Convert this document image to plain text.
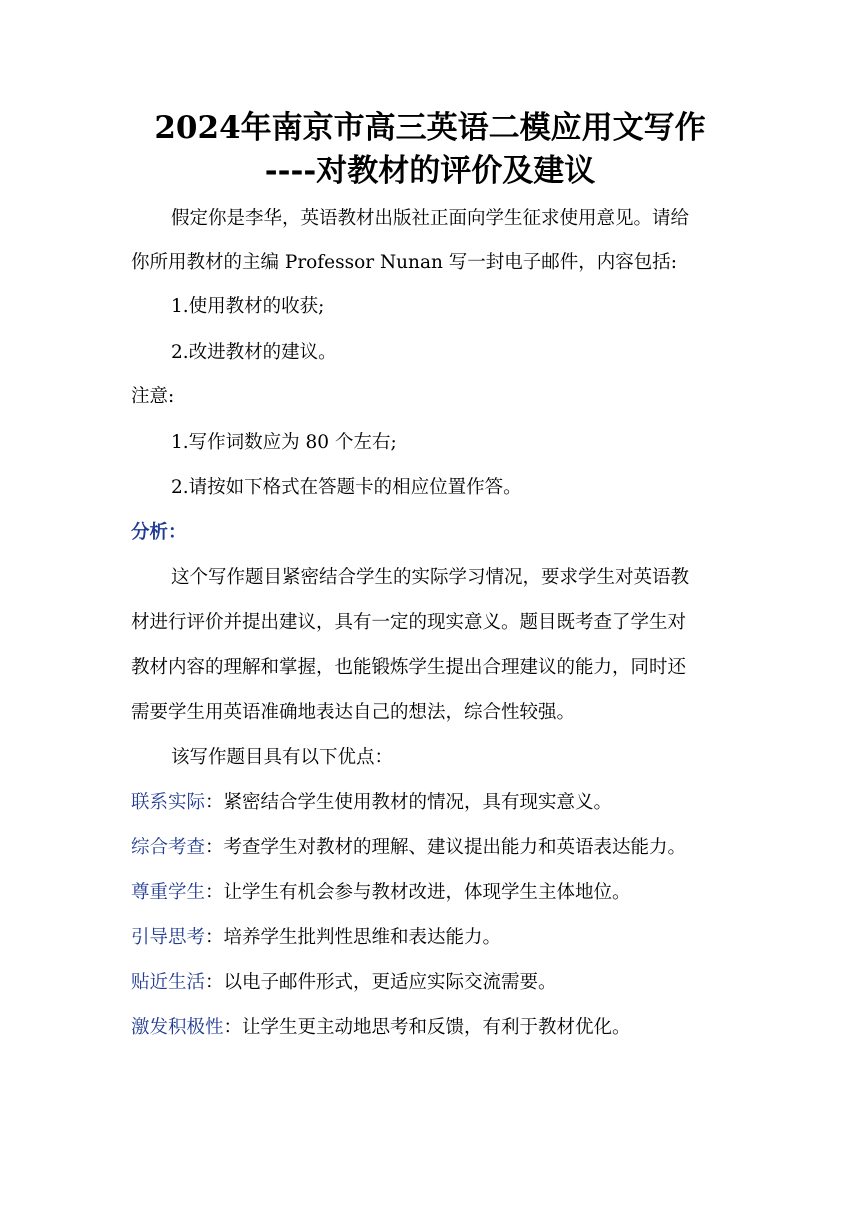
2024年南京市高三英语二模应用文写作
----对教材的评价及建议
假定你是李华，英语教材出版社正面向学生征求使用意见。请给
你所用教材的主编 Professor Nunan 写一封电子邮件，内容包括:
1.使用教材的收获;
2.改进教材的建议。
注意:
1.写作词数应为 80 个左右;
2.请按如下格式在答题卡的相应位置作答。
分析：
这个写作题目紧密结合学生的实际学习情况，要求学生对英语教
材进行评价并提出建议，具有一定的现实意义。题目既考查了学生对
教材内容的理解和掌握，也能锻炼学生提出合理建议的能力，同时还
需要学生用英语准确地表达自己的想法，综合性较强。
该写作题目具有以下优点：
联系实际：紧密结合学生使用教材的情况，具有现实意义。
综合考查：考查学生对教材的理解、建议提出能力和英语表达能力。
尊重学生：让学生有机会参与教材改进，体现学生主体地位。
引导思考：培养学生批判性思维和表达能力。
贴近生活：以电子邮件形式，更适应实际交流需要。
激发积极性：让学生更主动地思考和反馈，有利于教材优化。
